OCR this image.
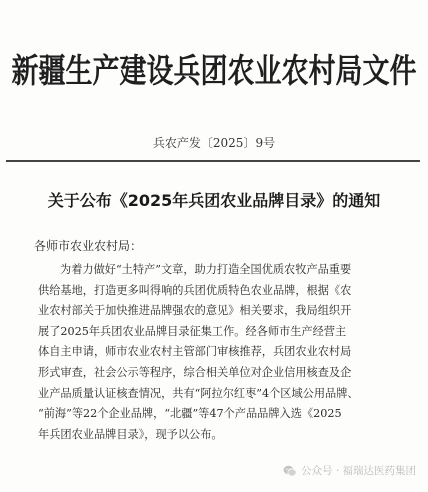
新疆生产建设兵团农业农村局文件
兵农产发〔2025〕9号
关于公布《2025年兵团农业品牌目录》的通知
各师市农业农村局：
为着力做好“土特产”文章，助力打造全国优质农牧产品重要
供给基地，打造更多叫得响的兵团优质特色农业品牌，根据《农
业农村部关于加快推进品牌强农的意见》相关要求，我局组织开
展了2025年兵团农业品牌目录征集工作。经各师市生产经营主
体自主申请，师市农业农村主管部门审核推荐，兵团农业农村局
形式审查，社会公示等程序，综合相关单位对企业信用核查及企
业产品质量认证核查情况，共有“阿拉尔红枣”4个区域公用品牌、
“前海”等22个企业品牌，“北疆”等47个产品品牌入选《2025
年兵团农业品牌目录》，现予以公布。
公众号 · 福瑞达医药集团
